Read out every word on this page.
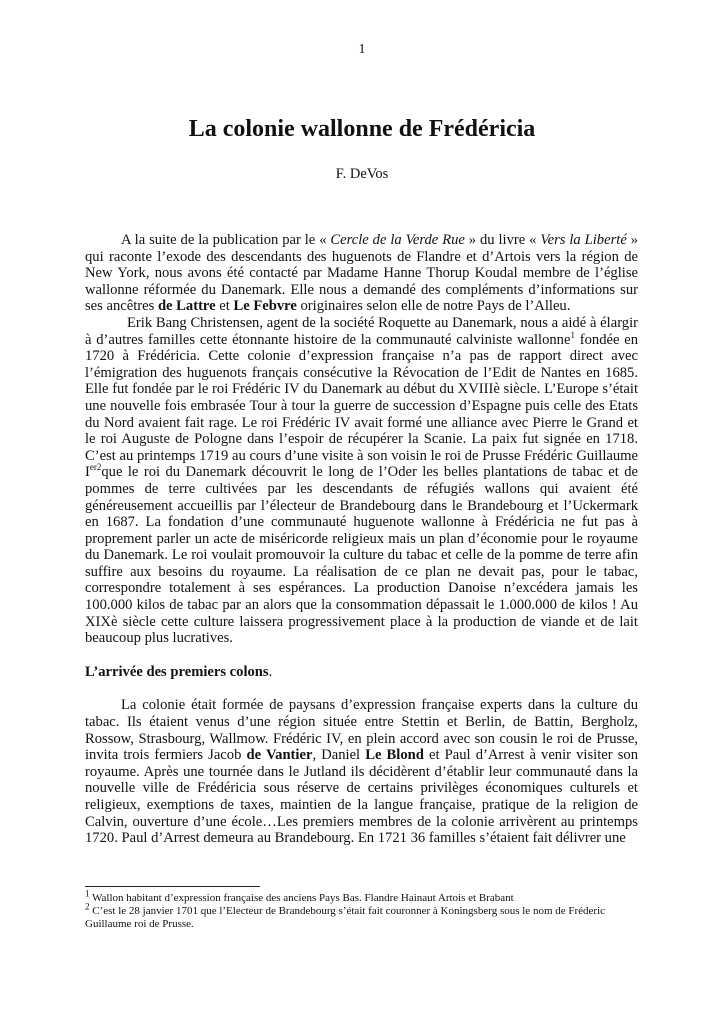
1
La colonie wallonne de Frédéricia
F. DeVos

A la suite de la publication par le « Cercle de la Verde Rue » du livre « Vers la Liberté » qui raconte l’exode des descendants des huguenots de Flandre et d’Artois vers la région de New York, nous avons été contacté par Madame Hanne Thorup Koudal membre de l’église wallonne réformée du Danemark. Elle nous a demandé des compléments d’informations sur ses ancêtres de Lattre et Le Febvre originaires selon elle de notre Pays de l’Alleu.

Erik Bang Christensen, agent de la société Roquette au Danemark, nous a aidé à élargir à d’autres familles cette étonnante histoire de la communauté calviniste wallonne$^1$ fondée en 1720 à Frédéricia. Cette colonie d’expression française n’a pas de rapport direct avec l’émigration des huguenots français consécutive la Révocation de l’Edit de Nantes en 1685. Elle fut fondée par le roi Frédéric IV du Danemark au début du XVIIIè siècle. L’Europe s’était une nouvelle fois embrasée Tour à tour la guerre de succession d’Espagne puis celle des Etats du Nord avaient fait rage. Le roi Frédéric IV avait formé une alliance avec Pierre le Grand et le roi Auguste de Pologne dans l’espoir de récupérer la Scanie. La paix fut signée en 1718. C’est au printemps 1719 au cours d’une visite à son voisin le roi de Prusse Frédéric Guillaume $I^{er2}que$ le roi du Danemark découvrit le long de l’Oder les belles plantations de tabac et de pommes de terre cultivées par les descendants de réfugiés wallons qui avaient été généreusement accueillis par l’électeur de Brandebourg dans le Brandebourg et l’Uckermark en 1687. La fondation d’une communauté huguenote wallonne à Frédéricia ne fut pas à proprement parler un acte de miséricorde religieux mais un plan d’économie pour le royaume du Danemark. Le roi voulait promouvoir la culture du tabac et celle de la pomme de terre afin suffire aux besoins du royaume. La réalisation de ce plan ne devait pas, pour le tabac, correspondre totalement à ses espérances. La production Danoise n’excédera jamais les 100.000 kilos de tabac par an alors que la consommation dépassait le 1.000.000 de kilos ! Au XIXè siècle cette culture laissera progressivement place à la production de viande et de lait beaucoup plus lucratives.

L’arrivée des premiers colons.

La colonie était formée de paysans d’expression française experts dans la culture du tabac. Ils étaient venus d’une région située entre Stettin et Berlin, de Battin, Bergholz, Rossow, Strasbourg, Wallmow. Frédéric IV, en plein accord avec son cousin le roi de Prusse, invita trois fermiers Jacob de Vantier, Daniel Le Blond et Paul d’Arrest à venir visiter son royaume. Après une tournée dans le Jutland ils décidèrent d’établir leur communauté dans la nouvelle ville de Frédéricia sous réserve de certains privilèges économiques culturels et religieux, exemptions de taxes, maintien de la langue française, pratique de la religion de Calvin, ouverture d’une école…Les premiers membres de la colonie arrivèrent au printemps 1720. Paul d’Arrest demeura au Brandebourg. En 1721 36 familles s’étaient fait délivrer une

$^1$ Wallon habitant d’expression française des anciens Pays Bas. Flandre Hainaut Artois et Brabant

$^2$ C’est le 28 janvier 1701 que l’Electeur de Brandebourg s’était fait couronner à Koningsberg sous le nom de Fréderic Guillaume roi de Prusse.
